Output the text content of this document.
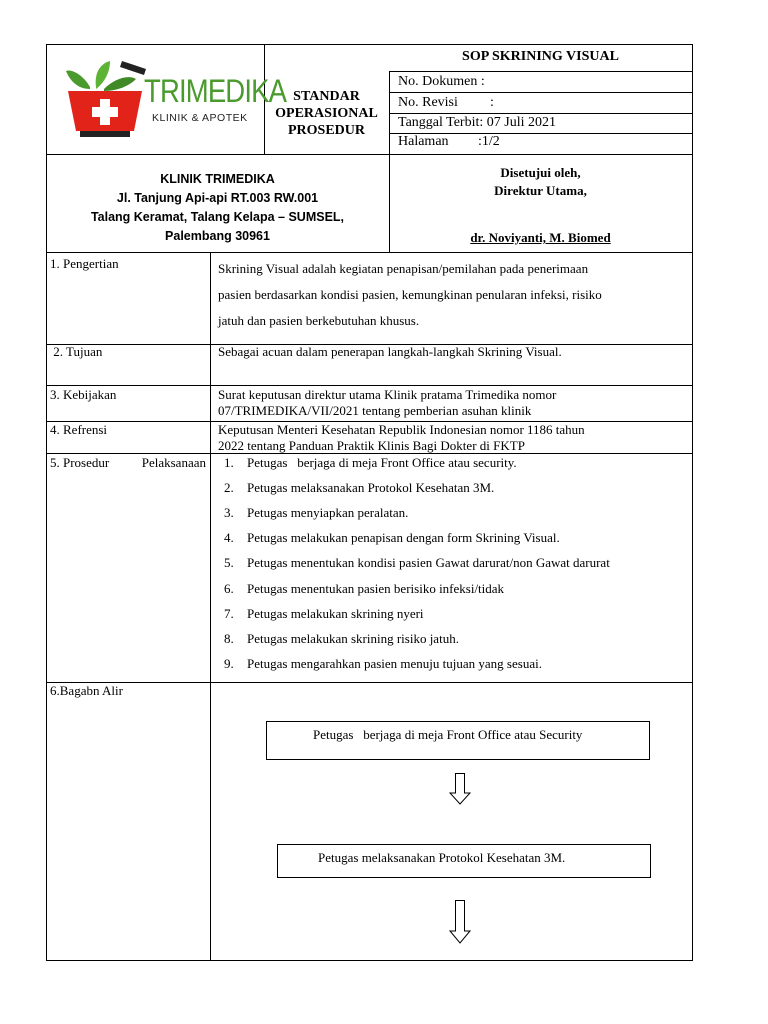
TRIMEDIKA
KLINIK & APOTEK
SOP SKRINING VISUAL
STANDAR
OPERASIONAL
PROSEDUR
No. Dokumen :
No. Revisi :
Tanggal Terbit: 07 Juli 2021
Halaman :1/2
KLINIK TRIMEDIKA
Jl. Tanjung Api-api RT.003 RW.001
Talang Keramat, Talang Kelapa – SUMSEL,
Palembang 30961
Disetujui oleh,
Direktur Utama,
dr. Noviyanti, M. Biomed
1. Pengertian	Skrining Visual adalah kegiatan penapisan/pemilahan pada penerimaan
pasien berdasarkan kondisi pasien, kemungkinan penularan infeksi, risiko
jatuh dan pasien berkebutuhan khusus.
2. Tujuan	Sebagai acuan dalam penerapan langkah-langkah Skrining Visual.
3. Kebijakan	Surat keputusan direktur utama Klinik pratama Trimedika nomor
07/TRIMEDIKA/VII/2021 tentang pemberian asuhan klinik
4. Refrensi	Keputusan Menteri Kesehatan Republik Indonesian nomor 1186 tahun
2022 tentang Panduan Praktik Klinis Bagi Dokter di FKTP
5. Prosedur	Pelaksanaan	1. Petugas   berjaga di meja Front Office atau security.
2. Petugas melaksanakan Protokol Kesehatan 3M.
3. Petugas menyiapkan peralatan.
4. Petugas melakukan penapisan dengan form Skrining Visual.
5. Petugas menentukan kondisi pasien Gawat darurat/non Gawat darurat
6. Petugas menentukan pasien berisiko infeksi/tidak
7. Petugas melakukan skrining nyeri
8. Petugas melakukan skrining risiko jatuh.
9. Petugas mengarahkan pasien menuju tujuan yang sesuai.
6.Bagabn Alir
Petugas   berjaga di meja Front Office atau Security
Petugas melaksanakan Protokol Kesehatan 3M.
